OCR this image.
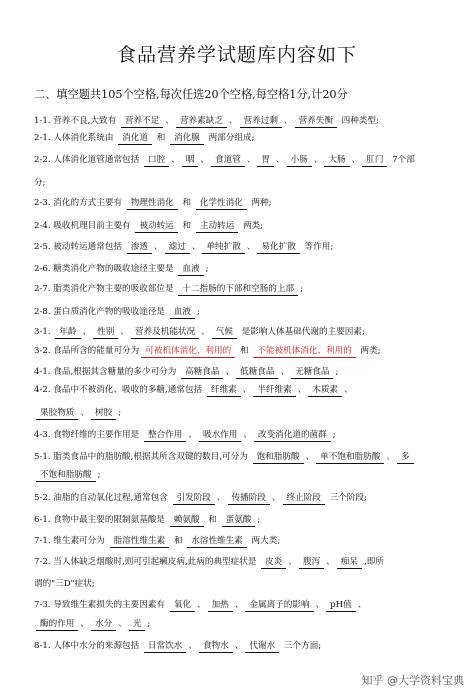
食品营养学试题库内容如下
二、填空题共105个空格,每次任选20个空格,每空格1分,计20分
1-1. 营养不良,大致有 营养不足 、 营养素缺乏 、 营养过剩 、 营养失衡 四种类型;
2-1. 人体消化系统由 消化道 和 消化腺 两部分组成;
2-2. 人体消化道管通常包括 口腔 、 咽 、 食道管 、 胃 、 小肠 、 大肠 、 肛门 7个部
分;
2-3. 消化的方式主要有 物理性消化 和 化学性消化 两种;
2-4. 吸收机理目前主要有 被动转运 和 主动转运 两类;
2-5. 被动转运通常包括 渗透 、 滤过 、 单纯扩散 、 易化扩散 等作用;
2-6. 糖类消化产物的吸收途径主要是 血液 ;
2-7. 脂类消化产物主要的吸收部位是 十二指肠的下部和空肠的上部 ;
2-8. 蛋白质消化产物的吸收途径是 血液 ;
3-1. 年龄 、 性别 、 营养及机能状况 、 气候 是影响人体基础代谢的主要因素;
3-2. 食品所含的能量可分为 可被机体消化、利用的 和 不能被机体消化、利用的 两类;
4-1. 食品,根据其含糖量的多少可分为 高糖食品 、 低糖食品 、 无糖食品 ;
4-2. 食品中不被消化、吸收的多糖,通常包括 纤维素 、 半纤维素 、 木质素 、
果胶物质 、 树胶 ;
4-3. 食物纤维的主要作用是 整合作用 、 吸水作用 、 改变消化道的菌群 ;
5-1. 脂类食品中的脂肪酸,根据其所含双键的数目,可分为 饱和脂肪酸 、 单不饱和脂肪酸 、 多
不饱和脂肪酸 ;
5-2. 油脂的自动氧化过程,通常包含 引发阶段 、 传播阶段 、 终止阶段 三个阶段;
6-1. 食物中最主要的限制氨基酸是 赖氨酸 和 蛋氨酸 ;
7-1. 维生素可分为 脂溶性维生素 和 水溶性维生素 两大类;
7-2. 当人体缺乏烟酸时,则可引起癞皮病,此病的典型症状是 皮炎 、 腹泻 、 痴呆 ,即所
谓的"三D"症状;
7-3. 导致维生素损失的主要因素有 氧化 、 加热 、 金属离子的影响 、 pH值 、
酶的作用 、 水分 、 光 ;
8-1. 人体中水分的来源包括 日常饮水 、 食物水 、 代谢水 三个方面;
知乎 @大学资料宝典
